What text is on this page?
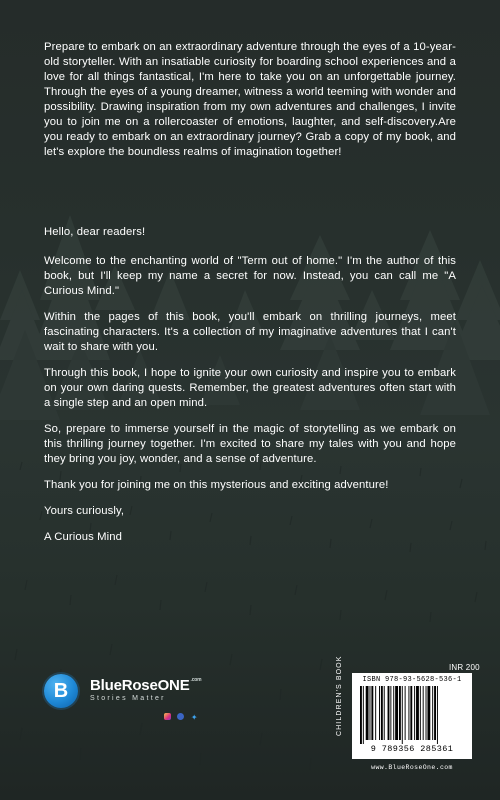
Prepare to embark on an extraordinary adventure through the eyes of a 10-year-old storyteller. With an insatiable curiosity for boarding school experiences and a love for all things fantastical, I'm here to take you on an unforgettable journey. Through the eyes of a young dreamer, witness a world teeming with wonder and possibility. Drawing inspiration from my own adventures and challenges, I invite you to join me on a rollercoaster of emotions, laughter, and self-discovery.Are you ready to embark on an extraordinary journey? Grab a copy of my book, and let's explore the boundless realms of imagination together!

Hello, dear readers!

Welcome to the enchanting world of "Term out of home." I'm the author of this book, but I'll keep my name a secret for now. Instead, you can call me "A Curious Mind."

Within the pages of this book, you'll embark on thrilling journeys, meet fascinating characters. It's a collection of my imaginative adventures that I can't wait to share with you.

Through this book, I hope to ignite your own curiosity and inspire you to embark on your own daring quests. Remember, the greatest adventures often start with a single step and an open mind.

So, prepare to immerse yourself in the magic of storytelling as we embark on this thrilling journey together. I'm excited to share my tales with you and hope they bring you joy, wonder, and a sense of adventure.

Thank you for joining me on this mysterious and exciting adventure!

Yours curiously,

A Curious Mind

B	BlueRoseONE$^{.com}$
Stories Matter
✦
INR 200
CHILDREN'S BOOK	ISBN 978-93-5628-536-1
9 789356 285361
www.BlueRoseOne.com
